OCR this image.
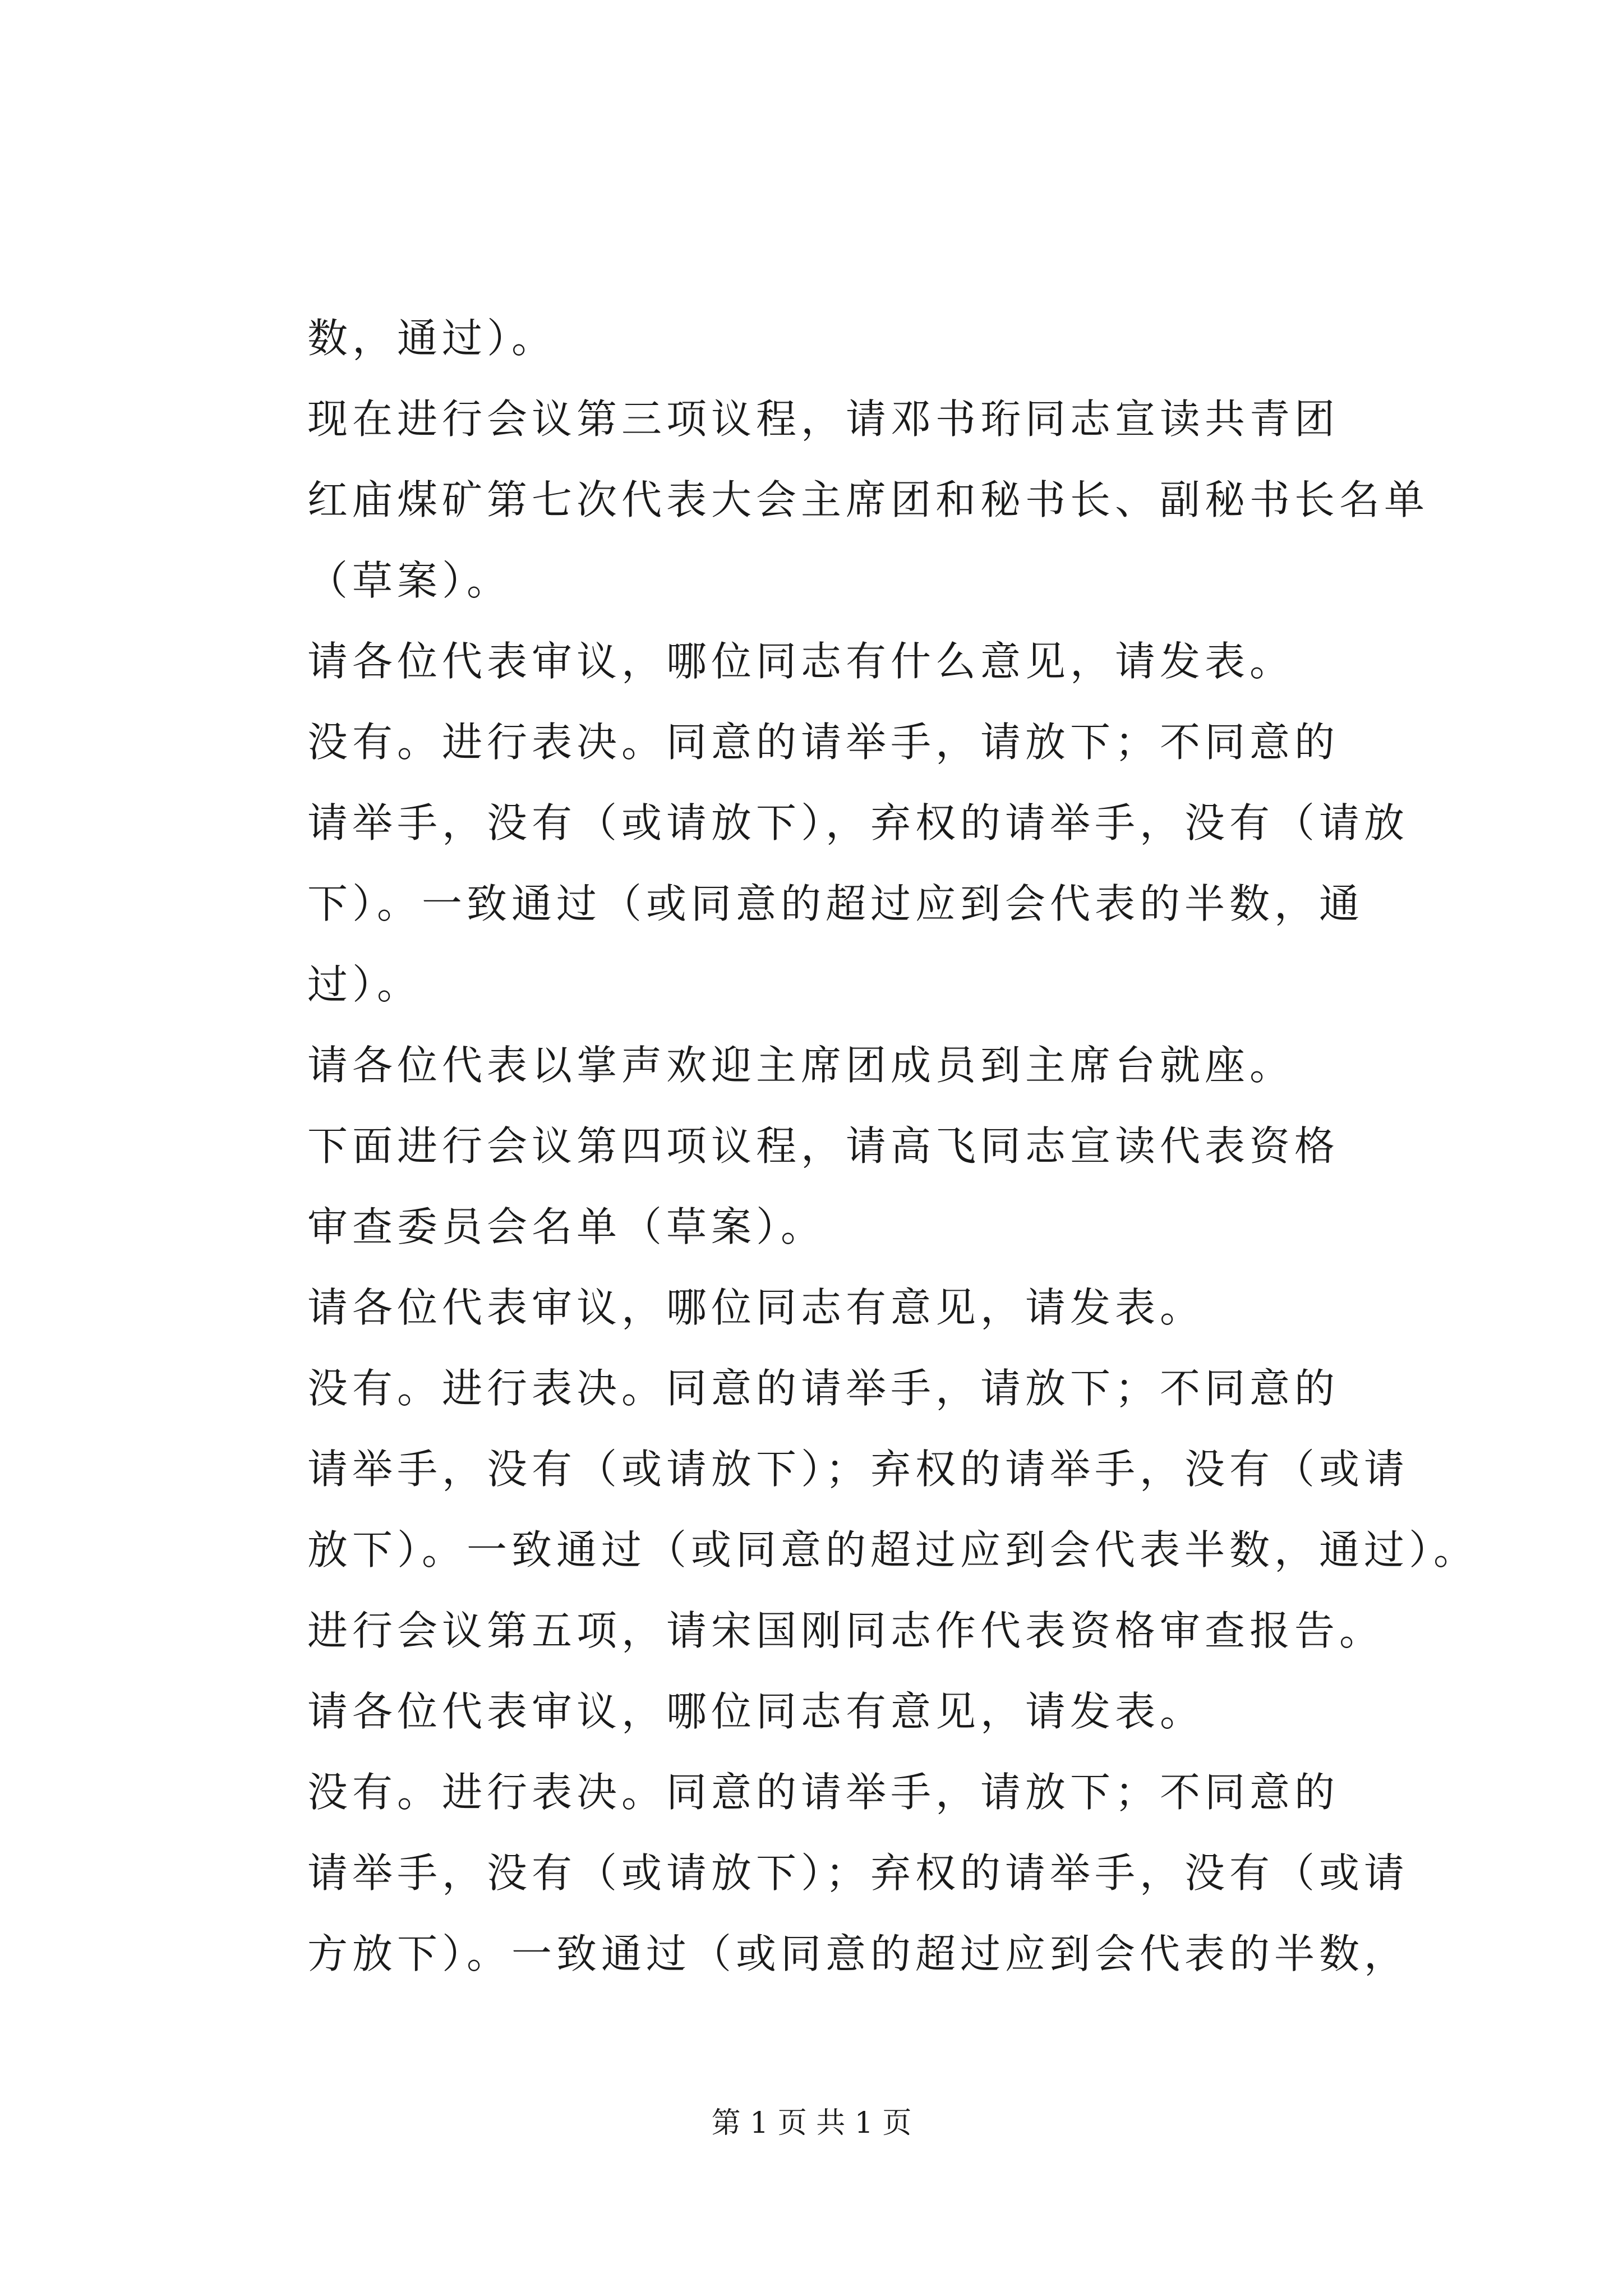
数，通过）。
现在进行会议第三项议程，请邓书珩同志宣读共青团
红庙煤矿第七次代表大会主席团和秘书长、副秘书长名单
（草案）。
请各位代表审议，哪位同志有什么意见，请发表。
没有。进行表决。同意的请举手，请放下；不同意的
请举手，没有（或请放下），弃权的请举手，没有（请放
下）。一致通过（或同意的超过应到会代表的半数，通
过）。
请各位代表以掌声欢迎主席团成员到主席台就座。
下面进行会议第四项议程，请高飞同志宣读代表资格
审查委员会名单（草案）。
请各位代表审议，哪位同志有意见，请发表。
没有。进行表决。同意的请举手，请放下；不同意的
请举手，没有（或请放下）；弃权的请举手，没有（或请
放下）。一致通过（或同意的超过应到会代表半数，通过）。
进行会议第五项，请宋国刚同志作代表资格审查报告。
请各位代表审议，哪位同志有意见，请发表。
没有。进行表决。同意的请举手，请放下；不同意的
请举手，没有（或请放下）；弃权的请举手，没有（或请
方放下）。一致通过（或同意的超过应到会代表的半数，
第 1 页 共 1 页
